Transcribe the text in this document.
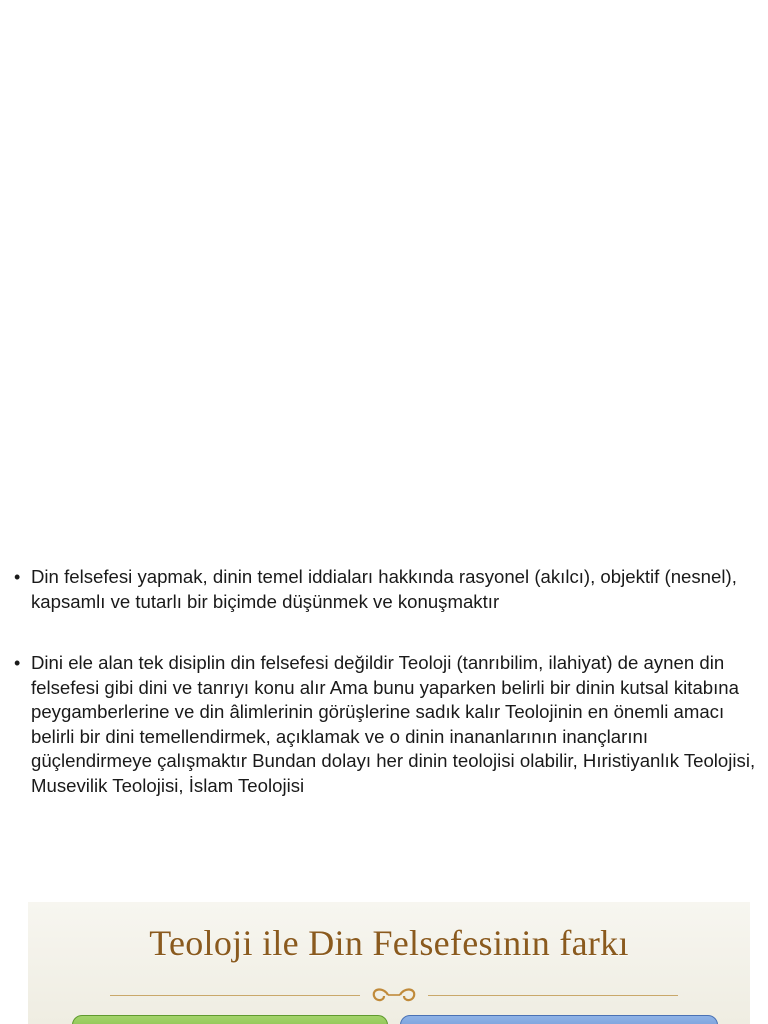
• Din felsefesi yapmak, dinin temel iddiaları hakkında rasyonel (akılcı), objektif (nesnel), kapsamlı ve tutarlı bir biçimde düşünmek ve konuşmaktır
• Dini ele alan tek disiplin din felsefesi değildir Teoloji (tanrıbilim, ilahiyat) de aynen din felsefesi gibi dini ve tanrıyı konu alır Ama bunu yaparken belirli bir dinin kutsal kitabına peygamberlerine ve din âlimlerinin görüşlerine sadık kalır Teolojinin en önemli amacı belirli bir dini temellendirmek, açıklamak ve o dinin inananlarının inançlarını güçlendirmeye çalışmaktır Bundan dolayı her dinin teolojisi olabilir, Hıristiyanlık Teolojisi, Musevilik Teolojisi, İslam Teolojisi
Teoloji ile Din Felsefesinin farkı
